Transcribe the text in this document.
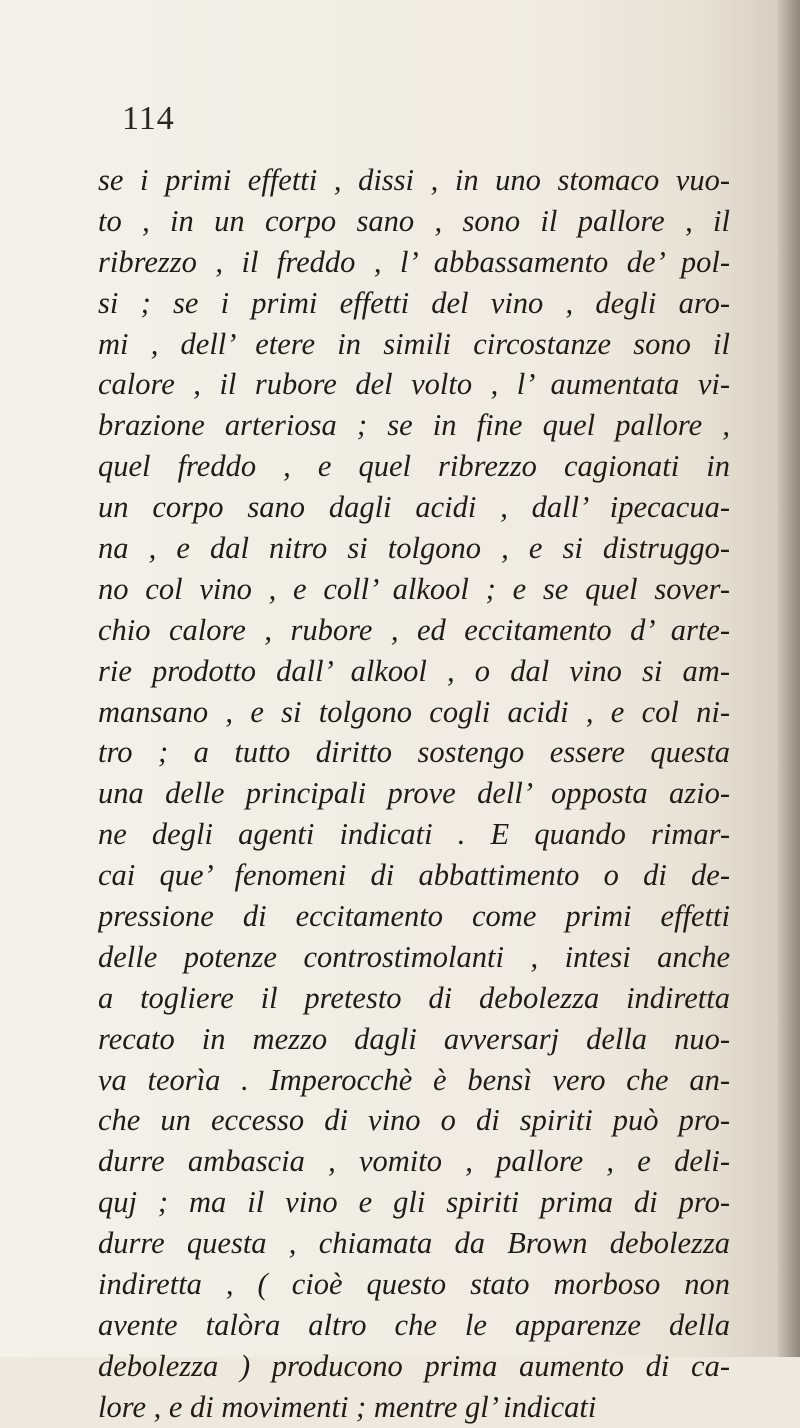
114
se i primi effetti , dissi , in uno stomaco vuo-
to , in un corpo sano , sono il pallore , il
ribrezzo , il freddo , l’ abbassamento de’ pol-
si ; se i primi effetti del vino , degli aro-
mi , dell’ etere in simili circostanze sono il
calore , il rubore del volto , l’ aumentata vi-
brazione arteriosa ; se in fine quel pallore ,
quel freddo , e quel ribrezzo cagionati in
un corpo sano dagli acidi , dall’ ipecacua-
na , e dal nitro si tolgono , e si distruggo-
no col vino , e coll’ alkool ; e se quel sover-
chio calore , rubore , ed eccitamento d’ arte-
rie prodotto dall’ alkool , o dal vino si am-
mansano , e si tolgono cogli acidi , e col ni-
tro ; a tutto diritto sostengo essere questa
una delle principali prove dell’ opposta azio-
ne degli agenti indicati . E quando rimar-
cai que’ fenomeni di abbattimento o di de-
pressione di eccitamento come primi effetti
delle potenze controstimolanti , intesi anche
a togliere il pretesto di debolezza indiretta
recato in mezzo dagli avversarj della nuo-
va teorìa . Imperocchè è bensì vero che an-
che un eccesso di vino o di spiriti può pro-
durre ambascia , vomito , pallore , e deli-
quj ; ma il vino e gli spiriti prima di pro-
durre questa , chiamata da Brown debolezza
indiretta , ( cioè questo stato morboso non
avente talòra altro che le apparenze della
debolezza ) producono prima aumento di ca-
lore , e di movimenti ; mentre gl’ indicati
